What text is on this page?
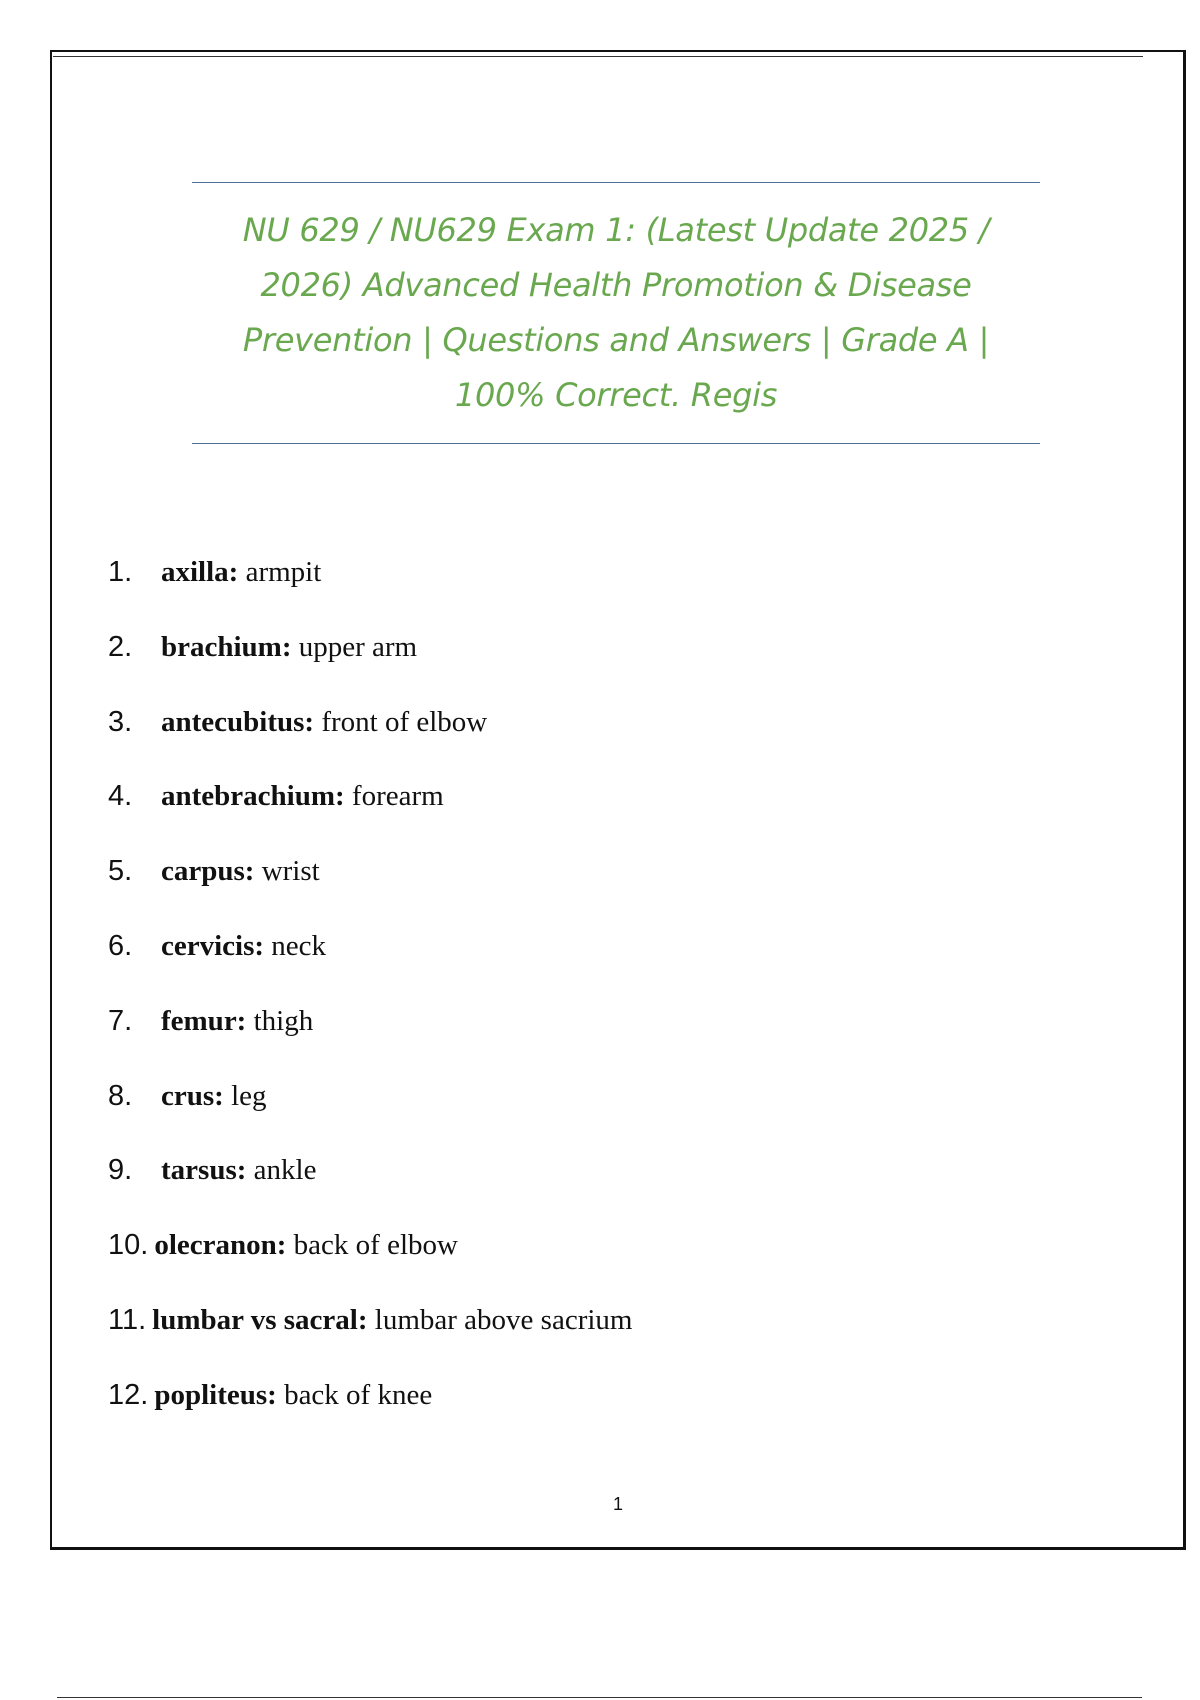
NU 629 / NU629 Exam 1: (Latest Update 2025 / 2026) Advanced Health Promotion & Disease Prevention | Questions and Answers | Grade A | 100% Correct. Regis
1. axilla:
armpit
2. brachium:
upper arm
3. antecubitus:
front of elbow
4. antebrachium:
forearm
5. carpus:
wrist
6. cervicis:
neck
7. femur:
thigh
8. crus:
leg
9. tarsus:
ankle
10. olecranon:
back of elbow
11. lumbar vs sacral:
lumbar above sacrium
12. popliteus:
back of knee
1
